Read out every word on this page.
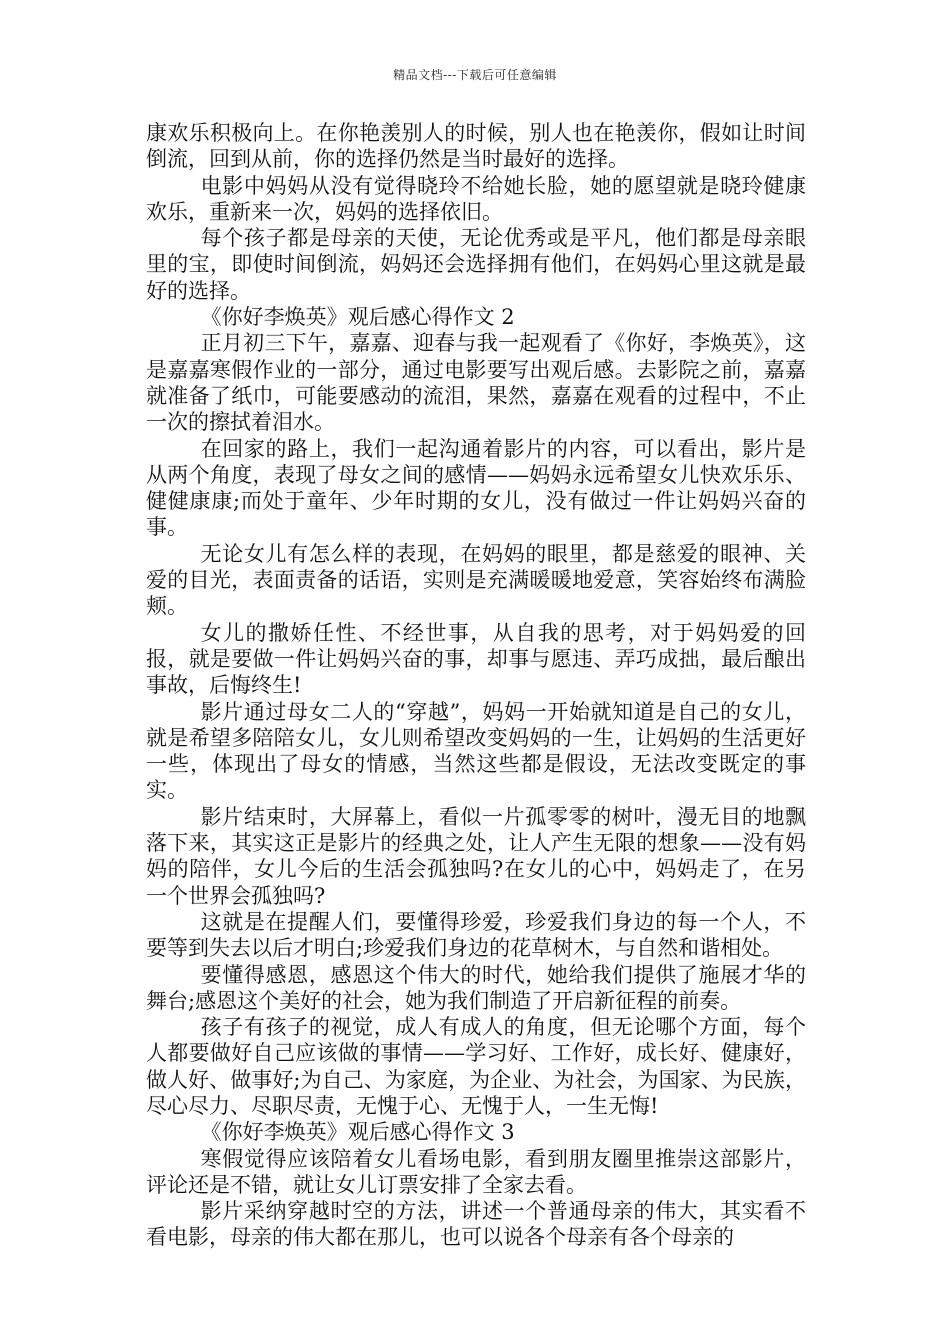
精品文档---下载后可任意编辑

康欢乐积极向上。在你艳羡别人的时候，别人也在艳羡你，假如让时间倒流，回到从前，你的选择仍然是当时最好的选择。

电影中妈妈从没有觉得晓玲不给她长脸，她的愿望就是晓玲健康欢乐，重新来一次，妈妈的选择依旧。

每个孩子都是母亲的天使，无论优秀或是平凡，他们都是母亲眼里的宝，即使时间倒流，妈妈还会选择拥有他们，在妈妈心里这就是最好的选择。

《你好李焕英》观后感心得作文 2

正月初三下午，嘉嘉、迎春与我一起观看了《你好，李焕英》，这是嘉嘉寒假作业的一部分，通过电影要写出观后感。去影院之前，嘉嘉就准备了纸巾，可能要感动的流泪，果然，嘉嘉在观看的过程中，不止一次的擦拭着泪水。

在回家的路上，我们一起沟通着影片的内容，可以看出，影片是从两个角度，表现了母女之间的感情——妈妈永远希望女儿快欢乐乐、健健康康;而处于童年、少年时期的女儿，没有做过一件让妈妈兴奋的事。

无论女儿有怎么样的表现，在妈妈的眼里，都是慈爱的眼神、关爱的目光，表面责备的话语，实则是充满暖暖地爱意，笑容始终布满脸颊。

女儿的撒娇任性、不经世事，从自我的思考，对于妈妈爱的回报，就是要做一件让妈妈兴奋的事，却事与愿违、弄巧成拙，最后酿出事故，后悔终生!

影片通过母女二人的“穿越”，妈妈一开始就知道是自己的女儿，就是希望多陪陪女儿，女儿则希望改变妈妈的一生，让妈妈的生活更好一些，体现出了母女的情感，当然这些都是假设，无法改变既定的事实。

影片结束时，大屏幕上，看似一片孤零零的树叶，漫无目的地飘落下来，其实这正是影片的经典之处，让人产生无限的想象——没有妈妈的陪伴，女儿今后的生活会孤独吗?在女儿的心中，妈妈走了，在另一个世界会孤独吗?

这就是在提醒人们，要懂得珍爱，珍爱我们身边的每一个人，不要等到失去以后才明白;珍爱我们身边的花草树木，与自然和谐相处。

要懂得感恩，感恩这个伟大的时代，她给我们提供了施展才华的舞台;感恩这个美好的社会，她为我们制造了开启新征程的前奏。

孩子有孩子的视觉，成人有成人的角度，但无论哪个方面，每个人都要做好自己应该做的事情——学习好、工作好，成长好、健康好，做人好、做事好;为自己、为家庭，为企业、为社会，为国家、为民族，尽心尽力、尽职尽责，无愧于心、无愧于人，一生无悔!

《你好李焕英》观后感心得作文 3

寒假觉得应该陪着女儿看场电影，看到朋友圈里推崇这部影片，评论还是不错，就让女儿订票安排了全家去看。

影片采纳穿越时空的方法，讲述一个普通母亲的伟大，其实看不看电影，母亲的伟大都在那儿，也可以说各个母亲有各个母亲的
